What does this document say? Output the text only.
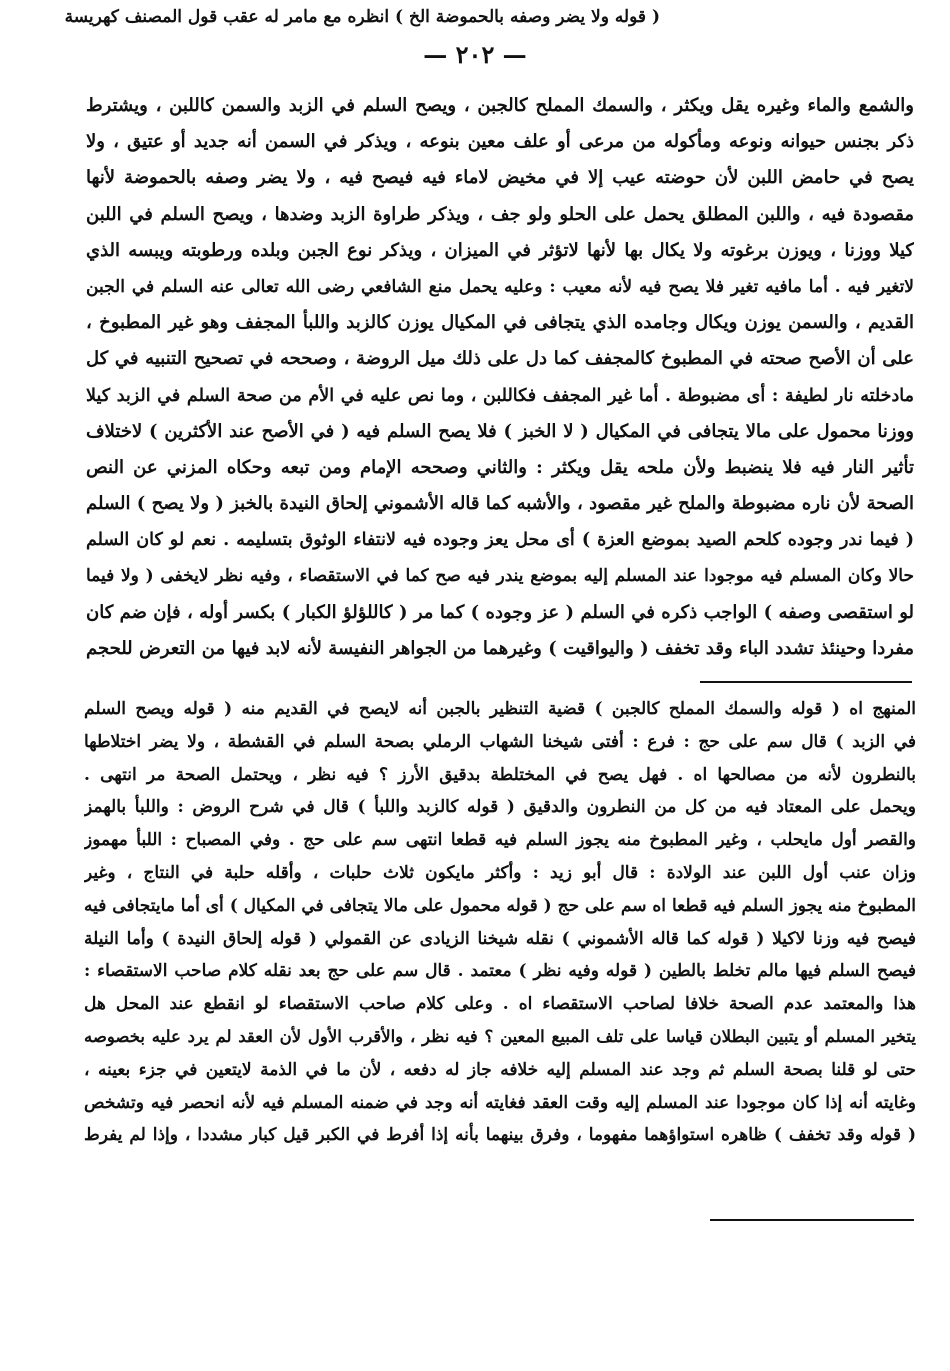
— ٢٠٢ —
والشمع والماء وغيره يقل ويكثر ، والسمك المملح كالجبن ، ويصح السلم في الزبد والسمن كاللبن ، ويشترط
ذكر بجنس حيوانه ونوعه ومأكوله من مرعى أو علف معين بنوعه ، ويذكر في السمن أنه جديد أو عتيق ، ولا
يصح في حامض اللبن لأن حوضته عيب إلا في مخيض لاماء فيه فيصح فيه ، ولا يضر وصفه بالحموضة لأنها
مقصودة فيه ، واللبن المطلق يحمل على الحلو ولو جف ، ويذكر طراوة الزبد وضدها ، ويصح السلم في اللبن
كيلا ووزنا ، ويوزن برغوته ولا يكال بها لأنها لاتؤثر في الميزان ، ويذكر نوع الجبن وبلده ورطوبته ويبسه الذي
لاتغير فيه . أما مافيه تغير فلا يصح فيه لأنه معيب : وعليه يحمل منع الشافعي رضى الله تعالى عنه السلم في الجبن
القديم ، والسمن يوزن ويكال وجامده الذي يتجافى في المكيال يوزن كالزبد واللبأ المجفف وهو غير المطبوخ ،
على أن الأصح صحته في المطبوخ كالمجفف كما دل على ذلك ميل الروضة ، وصححه في تصحيح التنبيه في كل
مادخلته نار لطيفة : أى مضبوطة . أما غير المجفف فكاللبن ، وما نص عليه في الأم من صحة السلم في الزبد كيلا
ووزنا محمول على مالا يتجافى في المكيال ( لا الخبز ) فلا يصح السلم فيه ( في الأصح عند الأكثرين ) لاختلاف
تأثير النار فيه فلا ينضبط ولأن ملحه يقل ويكثر : والثاني وصححه الإمام ومن تبعه وحكاه المزني عن النص
الصحة لأن ناره مضبوطة والملح غير مقصود ، والأشبه كما قاله الأشموني إلحاق النيدة بالخبز ( ولا يصح ) السلم
( فيما ندر وجوده كلحم الصيد بموضع العزة ) أى محل يعز وجوده فيه لانتفاء الوثوق بتسليمه . نعم لو كان السلم
حالا وكان المسلم فيه موجودا عند المسلم إليه بموضع يندر فيه صح كما في الاستقصاء ، وفيه نظر لايخفى ( ولا فيما
لو استقصى وصفه ) الواجب ذكره في السلم ( عز وجوده ) كما مر ( كاللؤلؤ الكبار ) بكسر أوله ، فإن ضم كان
مفردا وحينئذ تشدد الباء وقد تخفف ( واليواقيت ) وغيرهما من الجواهر النفيسة لأنه لابد فيها من التعرض للحجم
المنهج اه ( قوله والسمك المملح كالجبن ) قضية التنظير بالجبن أنه لايصح في القديم منه ( قوله ويصح السلم
في الزبد ) قال سم على حج : فرع : أفتى شيخنا الشهاب الرملي بصحة السلم في القشطة ، ولا يضر اختلاطها
بالنطرون لأنه من مصالحها اه . فهل يصح في المختلطة بدقيق الأرز ؟ فيه نظر ، ويحتمل الصحة مر انتهى .
ويحمل على المعتاد فيه من كل من النطرون والدقيق ( قوله كالزبد واللبأ ) قال في شرح الروض : واللبأ بالهمز
والقصر أول مايحلب ، وغير المطبوخ منه يجوز السلم فيه قطعا انتهى سم على حج . وفي المصباح : اللبأ مهموز
وزان عنب أول اللبن عند الولادة : قال أبو زيد : وأكثر مايكون ثلاث حلبات ، وأقله حلبة في النتاج ، وغير
المطبوخ منه يجوز السلم فيه قطعا اه سم على حج ( قوله محمول على مالا يتجافى في المكيال ) أى أما مايتجافى فيه
فيصح فيه وزنا لاكيلا ( قوله كما قاله الأشموني ) نقله شيخنا الزيادى عن القمولي ( قوله إلحاق النيدة ) وأما النيلة
فيصح السلم فيها مالم تخلط بالطين ( قوله وفيه نظر ) معتمد . قال سم على حج بعد نقله كلام صاحب الاستقصاء :
هذا والمعتمد عدم الصحة خلافا لصاحب الاستقصاء اه . وعلى كلام صاحب الاستقصاء لو انقطع عند المحل هل
يتخير المسلم أو يتبين البطلان قياسا على تلف المبيع المعين ؟ فيه نظر ، والأقرب الأول لأن العقد لم يرد عليه بخصوصه
حتى لو قلنا بصحة السلم ثم وجد عند المسلم إليه خلافه جاز له دفعه ، لأن ما في الذمة لايتعين في جزء بعينه ،
وغايته أنه إذا كان موجودا عند المسلم إليه وقت العقد فغايته أنه وجد في ضمنه المسلم فيه لأنه انحصر فيه وتشخص
( قوله وقد تخفف ) ظاهره استواؤهما مفهوما ، وفرق بينهما بأنه إذا أفرط في الكبر قيل كبار مشددا ، وإذا لم يفرط
( قوله ولا يضر وصفه بالحموضة الخ ) انظره مع مامر له عقب قول المصنف كهريسة
